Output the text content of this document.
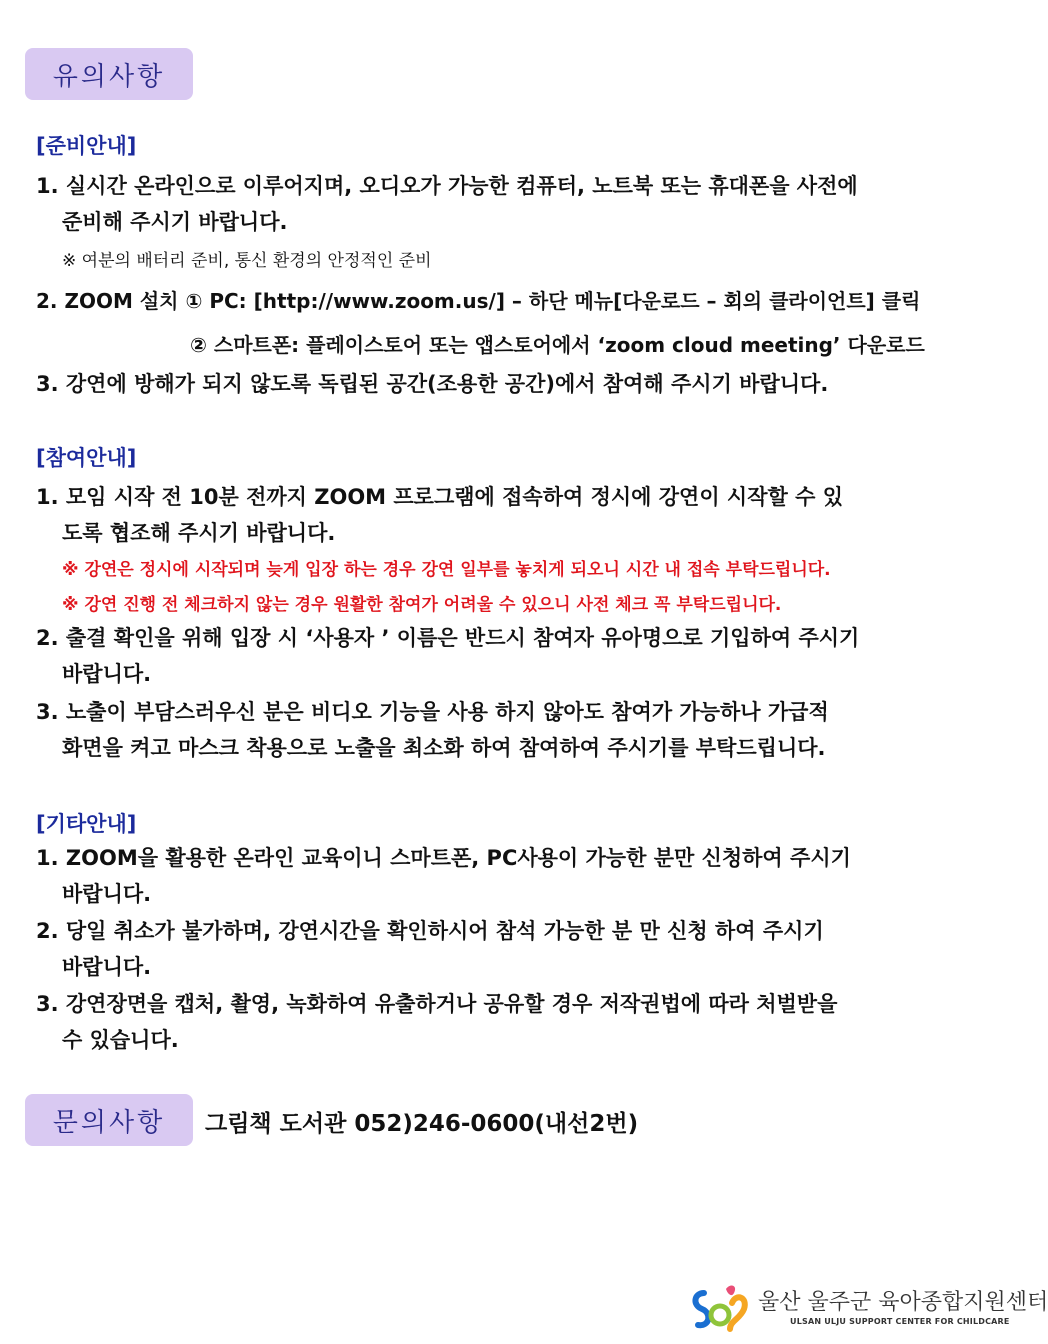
유의사항
[준비안내]
1. 실시간 온라인으로 이루어지며, 오디오가 가능한 컴퓨터, 노트북 또는 휴대폰을 사전에
준비해 주시기 바랍니다.
※ 여분의 배터리 준비, 통신 환경의 안정적인 준비
2. ZOOM 설치 ① PC: [http://www.zoom.us/] – 하단 메뉴[다운로드 – 회의 클라이언트] 클릭
② 스마트폰: 플레이스토어 또는 앱스토어에서 ‘zoom cloud meeting’ 다운로드
3. 강연에 방해가 되지 않도록 독립된 공간(조용한 공간)에서 참여해 주시기 바랍니다.
[참여안내]
1. 모임 시작 전 10분 전까지 ZOOM 프로그램에 접속하여 정시에 강연이 시작할 수 있
도록 협조해 주시기 바랍니다.
※ 강연은 정시에 시작되며 늦게 입장 하는 경우 강연 일부를 놓치게 되오니 시간 내 접속 부탁드립니다.
※ 강연 진행 전 체크하지 않는 경우 원활한 참여가 어려울 수 있으니 사전 체크 꼭 부탁드립니다.
2. 출결 확인을 위해 입장 시 ‘사용자 ’ 이름은 반드시 참여자 유아명으로 기입하여 주시기
바랍니다.
3. 노출이 부담스러우신 분은 비디오 기능을 사용 하지 않아도 참여가 가능하나 가급적
화면을 켜고 마스크 착용으로 노출을 최소화 하여 참여하여 주시기를 부탁드립니다.
[기타안내]
1. ZOOM을 활용한 온라인 교육이니 스마트폰, PC사용이 가능한 분만 신청하여 주시기
바랍니다.
2. 당일 취소가 불가하며, 강연시간을 확인하시어 참석 가능한 분 만 신청 하여 주시기
바랍니다.
3. 강연장면을 캡처, 촬영, 녹화하여 유출하거나 공유할 경우 저작권법에 따라 처벌받을
수 있습니다.
문의사항	그림책 도서관 052)246-0600(내선2번)
울산 울주군 육아종합지원센터
ULSAN ULJU SUPPORT CENTER FOR CHILDCARE
